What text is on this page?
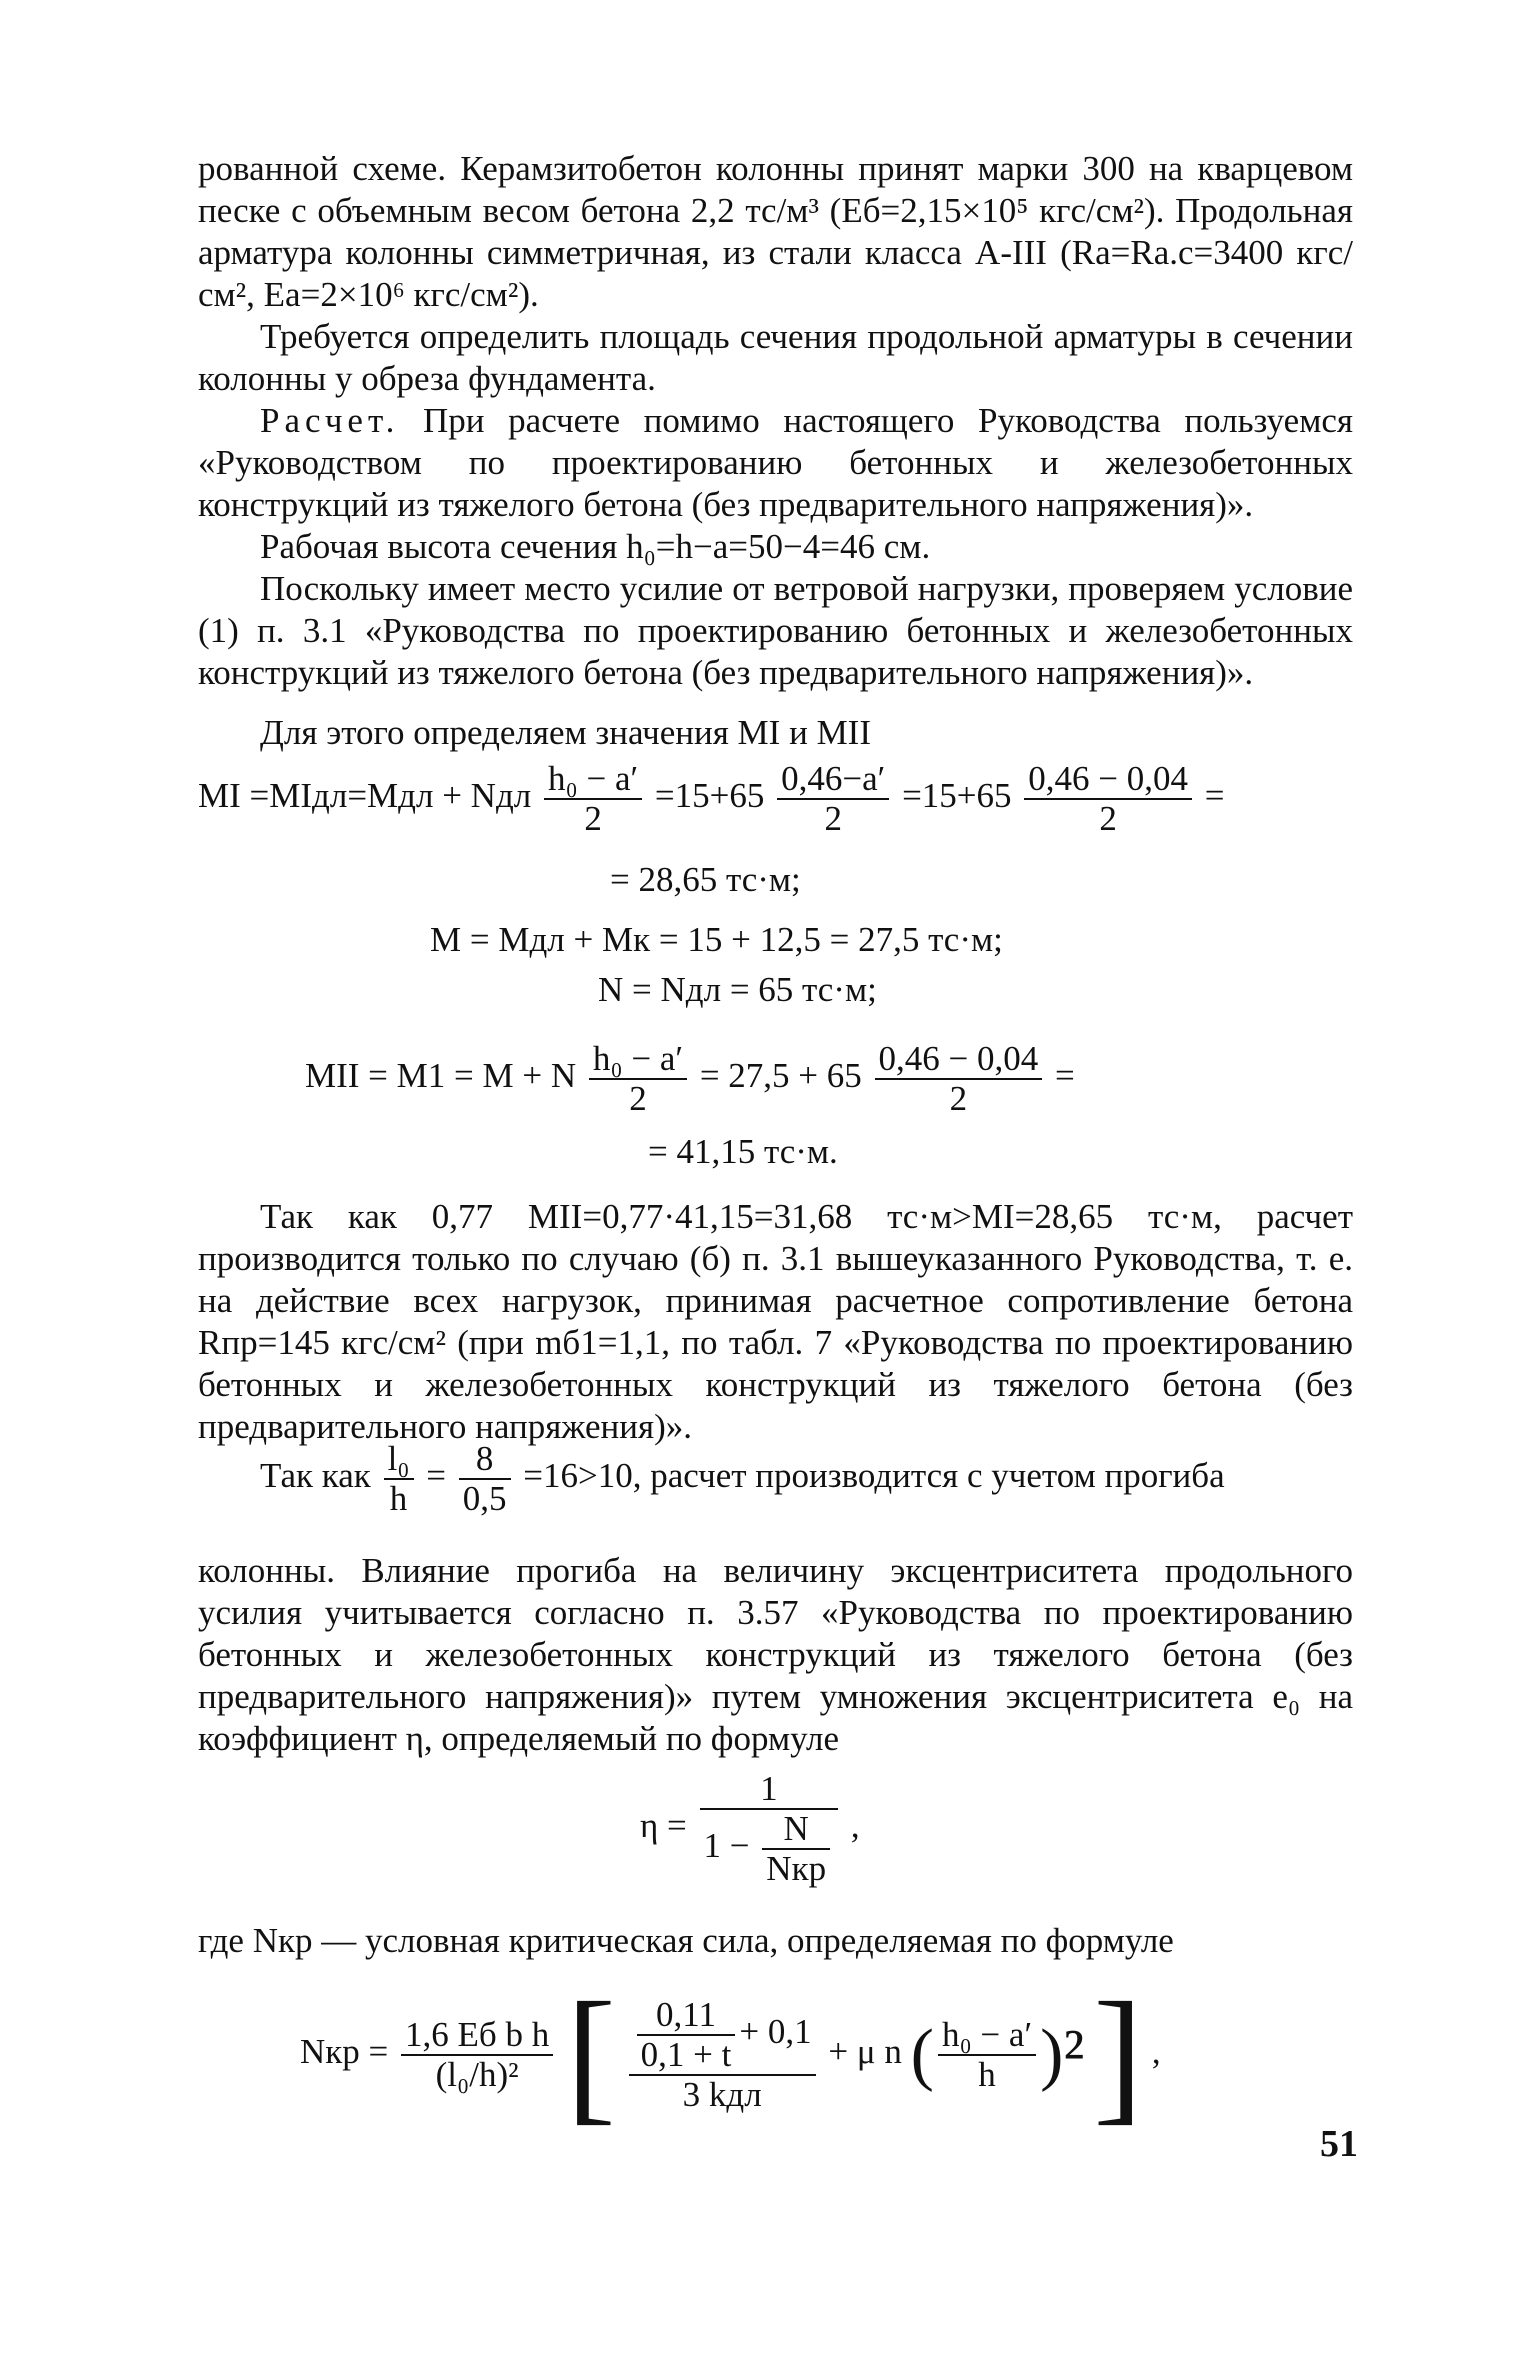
рованной схеме. Керамзитобетон колонны принят марки 300 на кварцевом песке с объемным весом бетона 2,2 тс/м³ (Eб=2,15×10⁵ кгс/см²). Продольная арматура колонны симметричная, из стали класса А-III (Rа=Rа.с=3400 кгс/см², Eа=2×10⁶ кгс/см²).

Требуется определить площадь сечения продольной арматуры в сечении колонны у обреза фундамента.

Расчет. При расчете помимо настоящего Руководства пользуемся «Руководством по проектированию бетонных и железобетонных конструкций из тяжелого бетона (без предварительного напряжения)».

Рабочая высота сечения h₀=h−a=50−4=46 см.

Поскольку имеет место усилие от ветровой нагрузки, проверяем условие (1) п. 3.1 «Руководства по проектированию бетонных и железобетонных конструкций из тяжелого бетона (без предварительного напряжения)».

Для этого определяем значения MI и MII

MI =MIдл=Mдл + Nдл $\frac{\text{h₀ − a′}}{2} =15+65 \frac{0,46-a'}{2} =15+65 \frac{0,46 - 0,04}{2}$ =
= 28,65 тс·м;
M = Mдл + Mк = 15 + 12,5 = 27,5 тс·м;
N = Nдл = 65 тс·м;
MII = M1 = M + N $\frac{\text{h₀ − a′}}{2} = 27,5 + 65 \frac{0,46 - 0,04}{2}$ =
= 41,15 тс·м.

Так как 0,77 MII=0,77·41,15=31,68 тс·м>MI=28,65 тс·м, расчет производится только по случаю (б) п. 3.1 вышеуказанного Руководства, т. е. на действие всех нагрузок, принимая расчетное сопротивление бетона Rпр=145 кгс/см² (при mб1=1,1, по табл. 7 «Руководства по проектированию бетонных и железобетонных конструкций из тяжелого бетона (без предварительного напряжения)».

Так как $\frac{\text{l₀}}{h} = \frac{8}{0,5} =16>10$, расчет производится с учетом прогиба

колонны. Влияние прогиба на величину эксцентриситета продольного усилия учитывается согласно п. 3.57 «Руководства по проектированию бетонных и железобетонных конструкций из тяжелого бетона (без предварительного напряжения)» путем умножения эксцентриситета e₀ на коэффициент η, определяемый по формуле

$\eta = \frac{1}{1 - \frac{N}{\text{Nкр}}}$ ,

где Nкр — условная критическая сила, определяемая по формуле

Nкр = $\frac{\text{1,6 Eб b h}}{\text{(l₀/h)²}}$ [ $\frac{\frac{0,11}{0,1 + t} + 0,1}{\text{3 kдл}} + \mu$ n ( $\frac{\text{h₀ − a′}}{h} )^2$ ] ,
51
